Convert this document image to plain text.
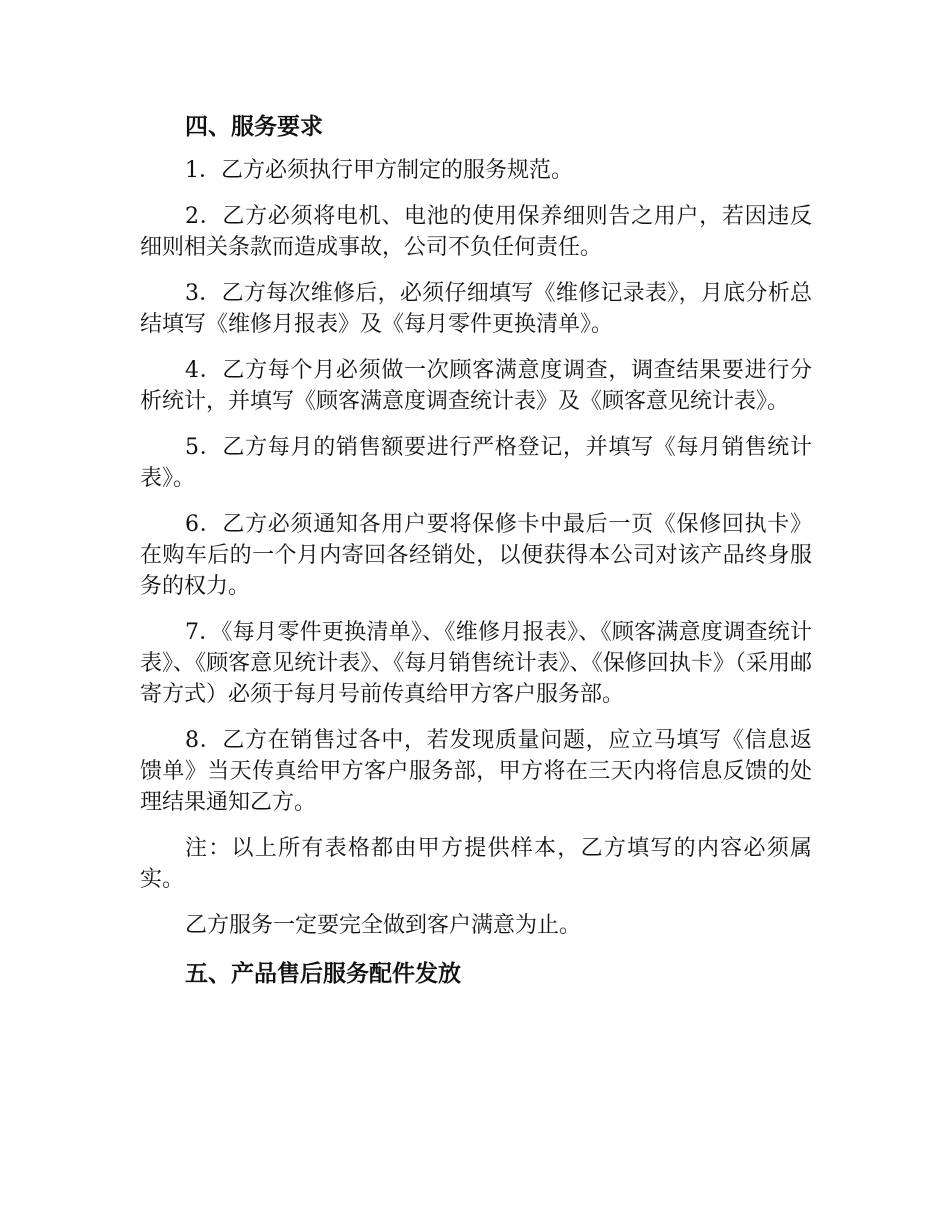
四、服务要求

1．乙方必须执行甲方制定的服务规范。

2．乙方必须将电机、电池的使用保养细则告之用户，若因违反细则相关条款而造成事故，公司不负任何责任。

3．乙方每次维修后，必须仔细填写《维修记录表》，月底分析总结填写《维修月报表》及《每月零件更换清单》。

4．乙方每个月必须做一次顾客满意度调查，调查结果要进行分析统计，并填写《顾客满意度调查统计表》及《顾客意见统计表》。

5．乙方每月的销售额要进行严格登记，并填写《每月销售统计表》。

6．乙方必须通知各用户要将保修卡中最后一页《保修回执卡》在购车后的一个月内寄回各经销处，以便获得本公司对该产品终身服务的权力。

7．《每月零件更换清单》、《维修月报表》、《顾客满意度调查统计表》、《顾客意见统计表》、《每月销售统计表》、《保修回执卡》（采用邮寄方式）必须于每月号前传真给甲方客户服务部。

8．乙方在销售过各中，若发现质量问题，应立马填写《信息返馈单》当天传真给甲方客户服务部，甲方将在三天内将信息反馈的处理结果通知乙方。

注：以上所有表格都由甲方提供样本，乙方填写的内容必须属实。

乙方服务一定要完全做到客户满意为止。

五、产品售后服务配件发放
